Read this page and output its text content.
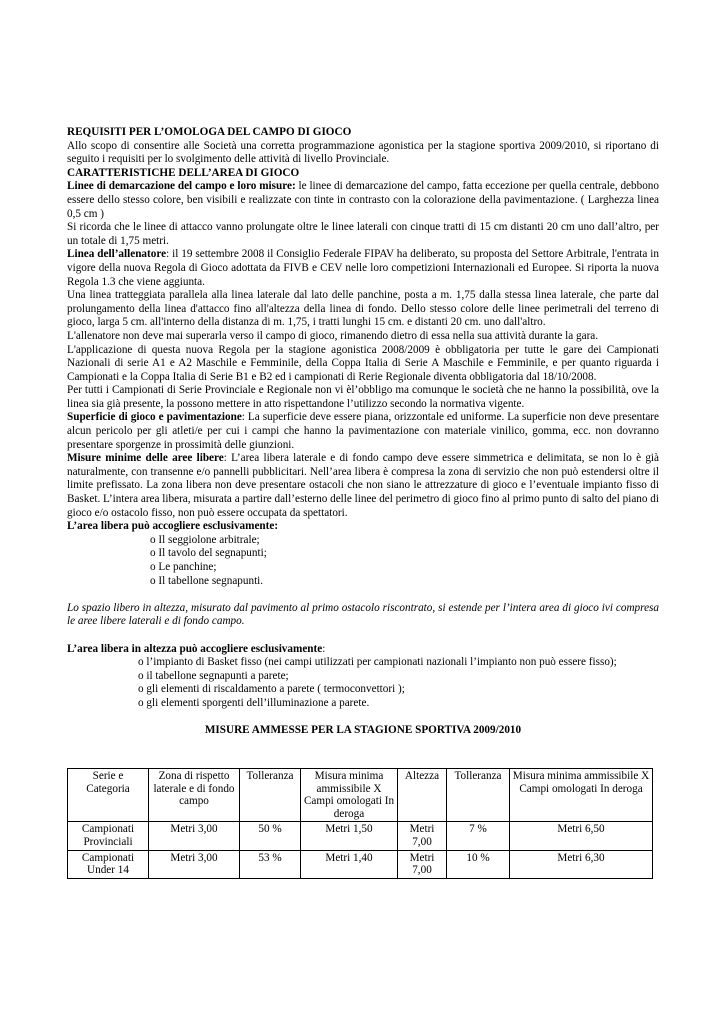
REQUISITI PER L’OMOLOGA DEL CAMPO DI GIOCO

Allo scopo di consentire alle Società una corretta programmazione agonistica per la stagione sportiva 2009/2010, si riportano di seguito i requisiti per lo svolgimento delle attività di livello Provinciale.

CARATTERISTICHE DELL’AREA DI GIOCO

Linee di demarcazione del campo e loro misure: le linee di demarcazione del campo, fatta eccezione per quella centrale, debbono essere dello stesso colore, ben visibili e realizzate con tinte in contrasto con la colorazione della pavimentazione. ( Larghezza linea 0,5 cm )

Si ricorda che le linee di attacco vanno prolungate oltre le linee laterali con cinque tratti di 15 cm distanti 20 cm uno dall’altro, per un totale di 1,75 metri.

Linea dell’allenatore: il 19 settembre 2008 il Consiglio Federale FIPAV ha deliberato, su proposta del Settore Arbitrale, l'entrata in vigore della nuova Regola di Gioco adottata da FIVB e CEV nelle loro competizioni Internazionali ed Europee. Si riporta la nuova Regola 1.3 che viene aggiunta.

Una linea tratteggiata parallela alla linea laterale dal lato delle panchine, posta a m. 1,75 dalla stessa linea laterale, che parte dal prolungamento della linea d'attacco fino all'altezza della linea di fondo. Dello stesso colore delle linee perimetrali del terreno di gioco, larga 5 cm. all'interno della distanza di m. 1,75, i tratti lunghi 15 cm. e distanti 20 cm. uno dall'altro.

L'allenatore non deve mai superarla verso il campo di gioco, rimanendo dietro di essa nella sua attività durante la gara.

L'applicazione di questa nuova Regola per la stagione agonistica 2008/2009 è obbligatoria per tutte le gare dei Campionati Nazionali di serie A1 e A2 Maschile e Femminile, della Coppa Italia di Serie A Maschile e Femminile, e per quanto riguarda i Campionati e la Coppa Italia di Serie B1 e B2 ed i campionati di Rerie Regionale diventa obbligatoria dal 18/10/2008.

Per tutti i Campionati di Serie Provinciale e Regionale non vi èl’obbligo ma comunque le società che ne hanno la possibilità, ove la linea sia già presente, la possono mettere in atto rispettandone l’utilizzo secondo la normativa vigente.

Superficie di gioco e pavimentazione: La superficie deve essere piana, orizzontale ed uniforme. La superficie non deve presentare alcun pericolo per gli atleti/e per cui i campi che hanno la pavimentazione con materiale vinilico, gomma, ecc. non dovranno presentare sporgenze in prossimità delle giunzioni.

Misure minime delle aree libere: L’area libera laterale e di fondo campo deve essere simmetrica e delimitata, se non lo è già naturalmente, con transenne e/o pannelli pubblicitari. Nell’area libera è compresa la zona di servizio che non può estendersi oltre il limite prefissato. La zona libera non deve presentare ostacoli che non siano le attrezzature di gioco e l’eventuale impianto fisso di Basket. L’intera area libera, misurata a partire dall’esterno delle linee del perimetro di gioco fino al primo punto di salto del piano di gioco e/o ostacolo fisso, non può essere occupata da spettatori.

L’area libera può accogliere esclusivamente:

o Il seggiolone arbitrale;
o Il tavolo del segnapunti;
o Le panchine;
o Il tabellone segnapunti.

Lo spazio libero in altezza, misurato dal pavimento al primo ostacolo riscontrato, si estende per l’intera area di gioco ivi compresa le aree libere laterali e di fondo campo.

L’area libera in altezza può accogliere esclusivamente:

o l’impianto di Basket fisso (nei campi utilizzati per campionati nazionali l’impianto non può essere fisso);
o il tabellone segnapunti a parete;
o gli elementi di riscaldamento a parete ( termoconvettori );
o gli elementi sporgenti dell’illuminazione a parete.

MISURE AMMESSE PER LA STAGIONE SPORTIVA 2009/2010

Serie e Categoria	Zona di rispetto laterale e di fondo campo	Tolleranza	Misura minima ammissibile X Campi omologati In deroga	Altezza	Tolleranza	Misura minima ammissibile X Campi omologati In deroga
Campionati Provinciali	Metri 3,00	50 %	Metri 1,50	Metri 7,00	7 %	Metri 6,50
Campionati Under 14	Metri 3,00	53 %	Metri 1,40	Metri 7,00	10 %	Metri 6,30
